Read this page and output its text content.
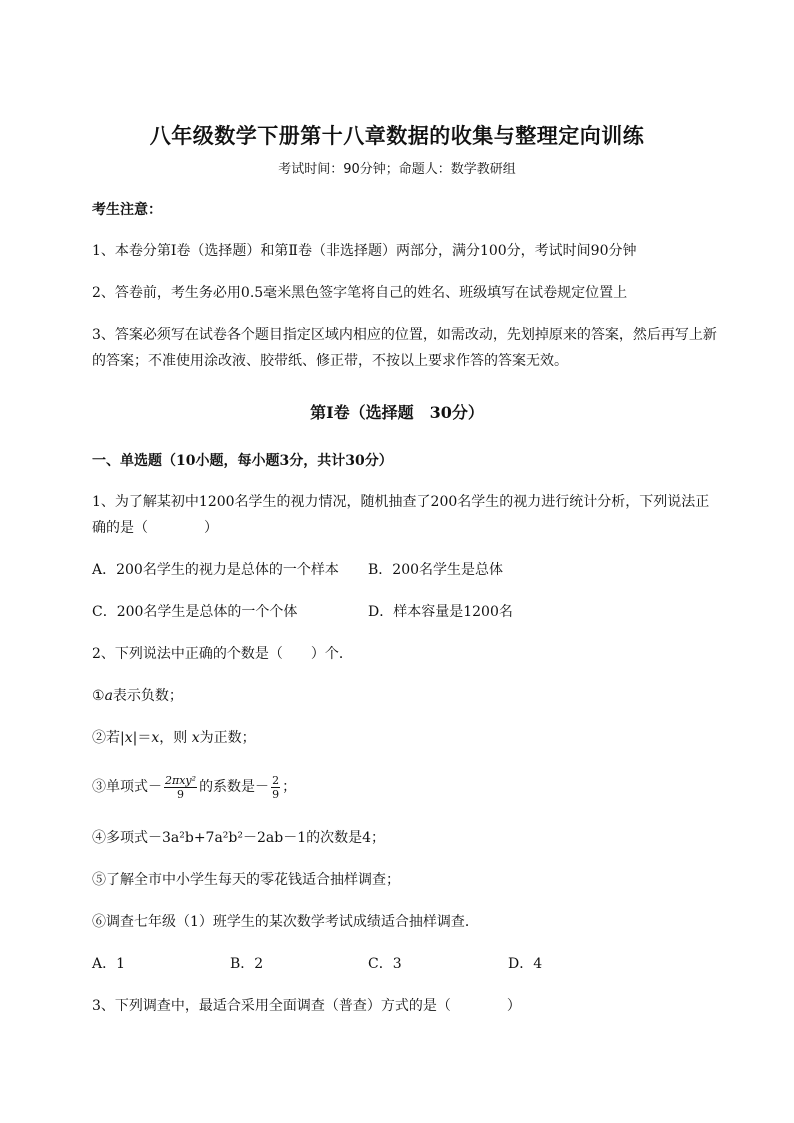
八年级数学下册第十八章数据的收集与整理定向训练
考试时间：90分钟；命题人：数学教研组
考生注意：
1、本卷分第Ⅰ卷（选择题）和第Ⅱ卷（非选择题）两部分，满分100分，考试时间90分钟
2、答卷前，考生务必用0.5毫米黑色签字笔将自己的姓名、班级填写在试卷规定位置上
3、答案必须写在试卷各个题目指定区域内相应的位置，如需改动，先划掉原来的答案，然后再写上新
的答案；不准使用涂改液、胶带纸、修正带，不按以上要求作答的答案无效。
第Ⅰ卷（选择题　30分）
一、单选题（10小题，每小题3分，共计30分）
1、为了解某初中1200名学生的视力情况，随机抽查了200名学生的视力进行统计分析，下列说法正
确的是（　　　　）
A．200名学生的视力是总体的一个样本 B．200名学生是总体
C．200名学生是总体的一个个体	D．样本容量是1200名
2、下列说法中正确的个数是（　　）个．
①a表示负数；
②若|x|＝x，则 x为正数；
③单项式－ $\frac{\text{2πxy²}}{9}$ 的系数是－ $\frac{2}{9}$ ；
④多项式－3a²b+7a²b²－2ab－1的次数是4；
⑤了解全市中小学生每天的零花钱适合抽样调查；
⑥调查七年级（1）班学生的某次数学考试成绩适合抽样调查．
A．1	B．2	C．3	D．4
3、下列调查中，最适合采用全面调查（普查）方式的是（　　　　）
